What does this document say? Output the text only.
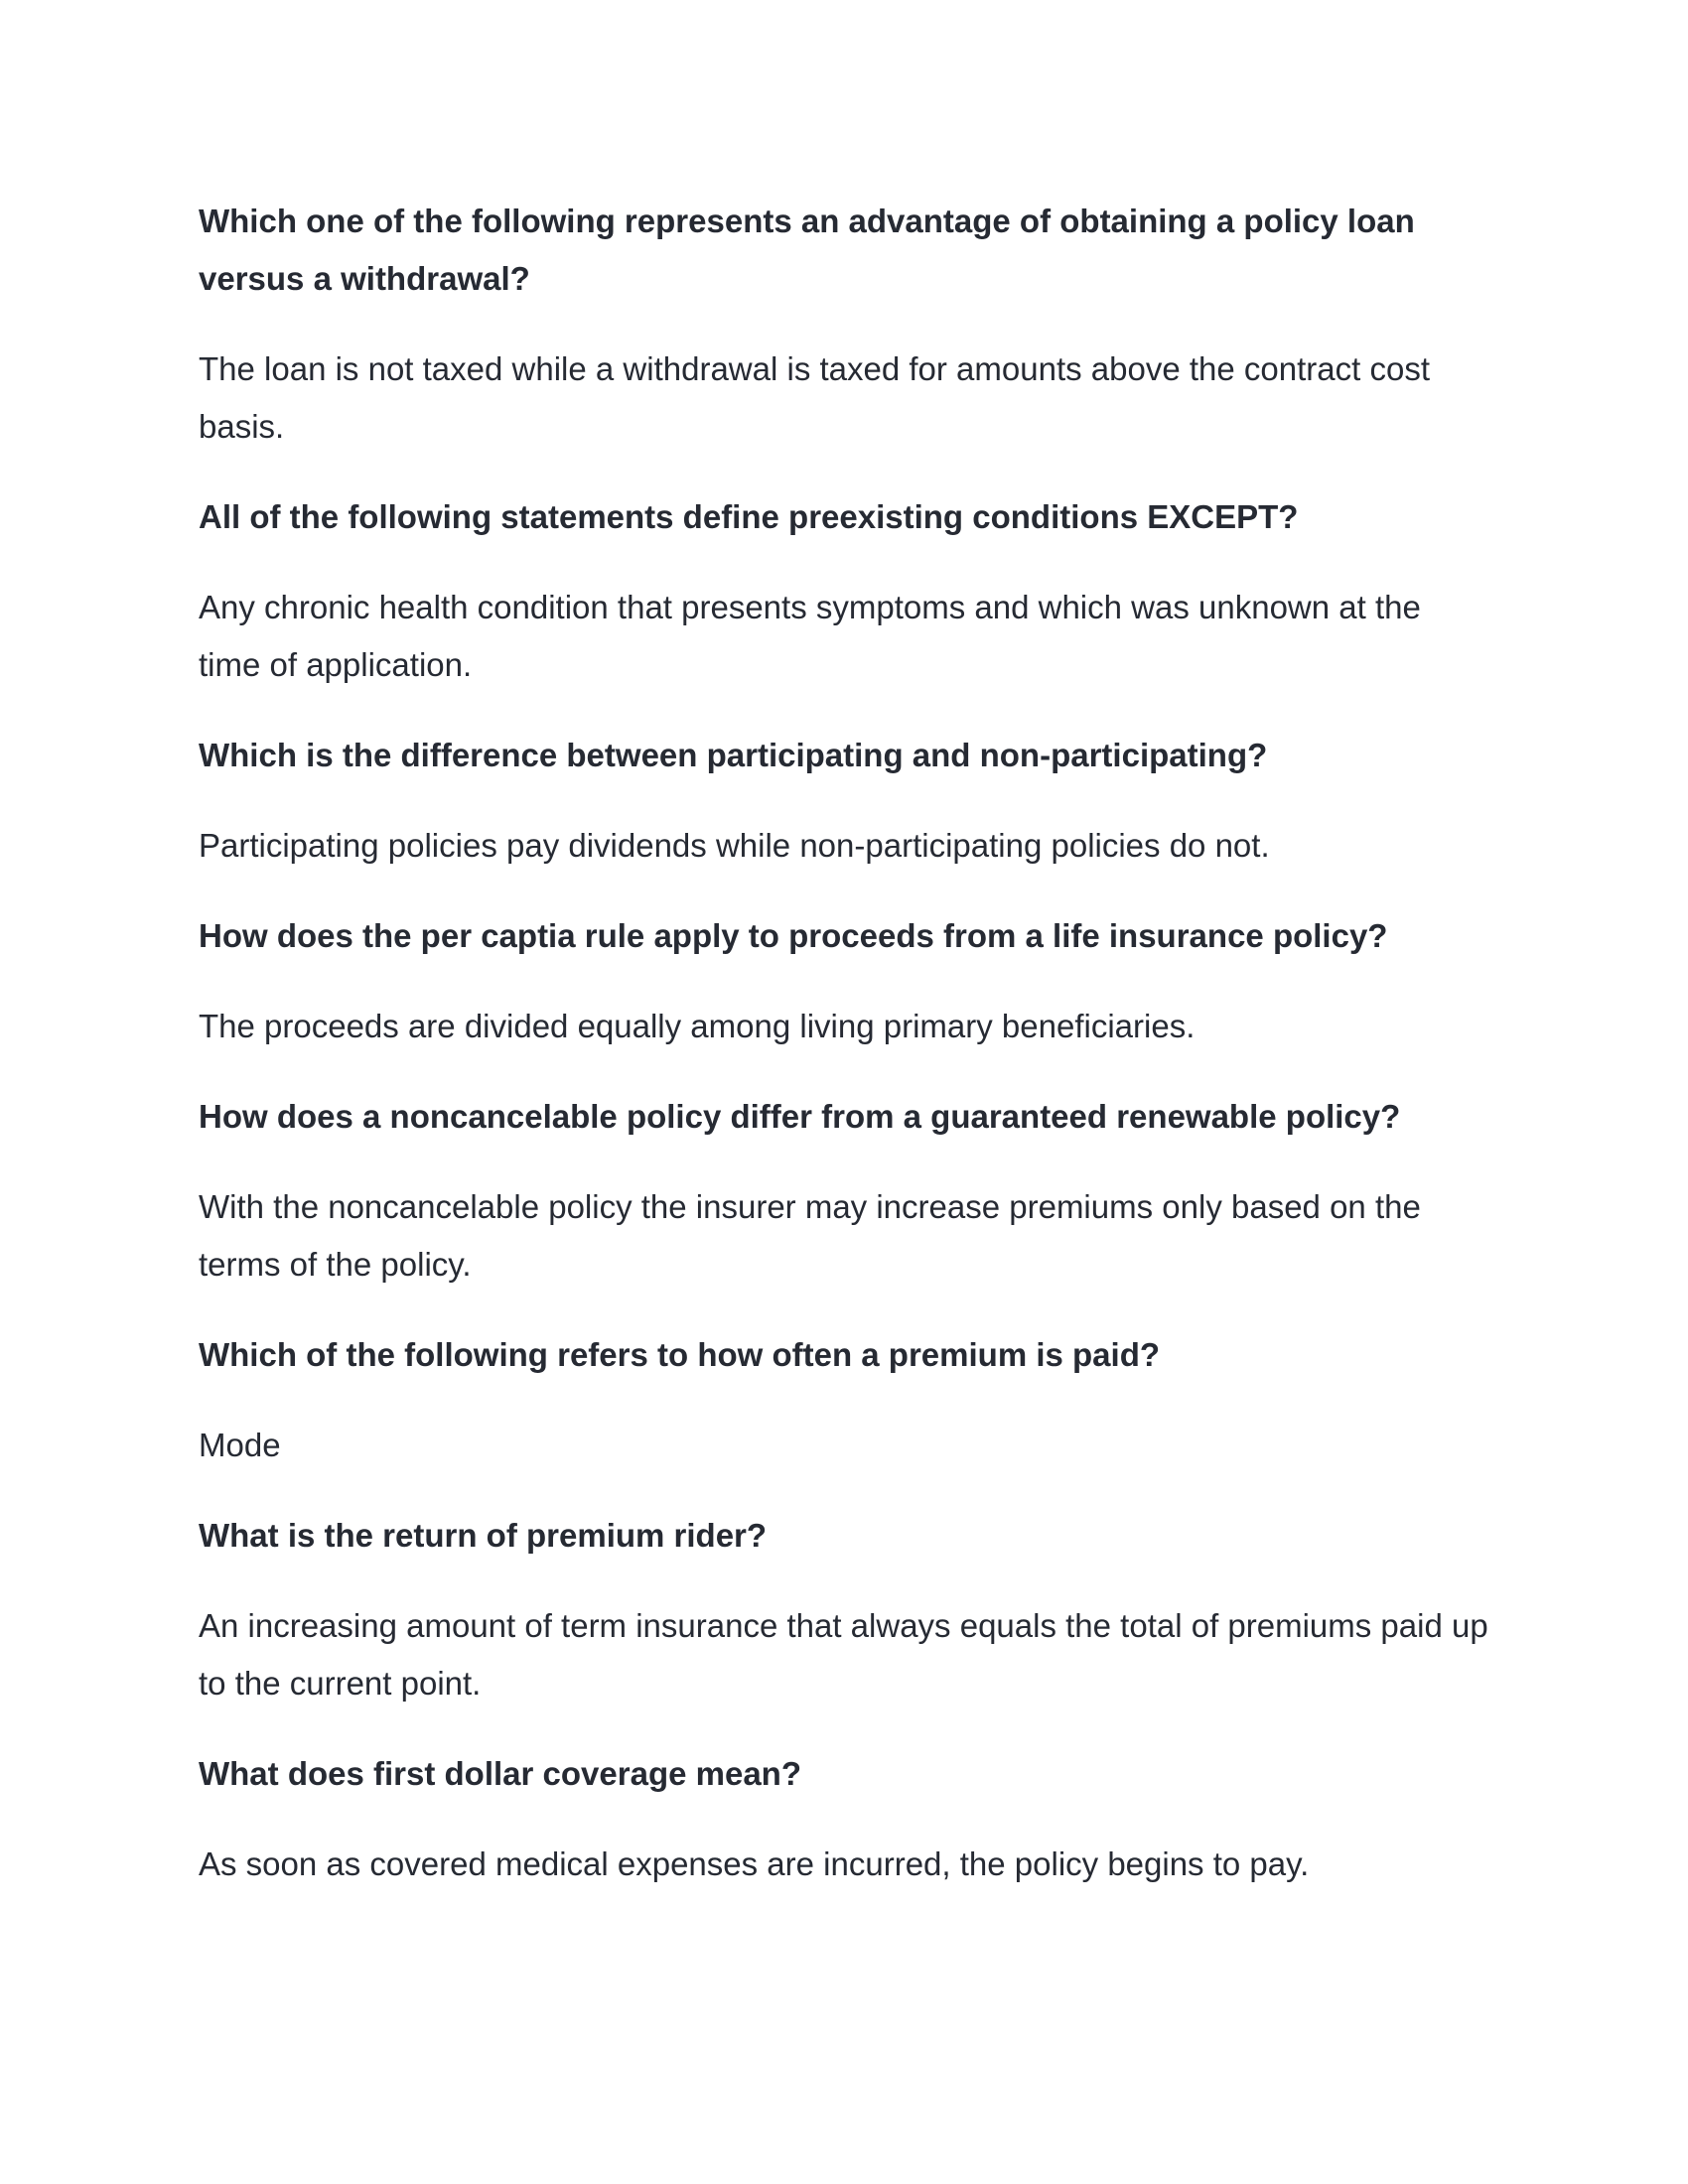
Which one of the following represents an advantage of obtaining a policy loan versus a withdrawal?

The loan is not taxed while a withdrawal is taxed for amounts above the contract cost basis.

All of the following statements define preexisting conditions EXCEPT?

Any chronic health condition that presents symptoms and which was unknown at the time of application.

Which is the difference between participating and non-participating?

Participating policies pay dividends while non-participating policies do not.

How does the per captia rule apply to proceeds from a life insurance policy?

The proceeds are divided equally among living primary beneficiaries.

How does a noncancelable policy differ from a guaranteed renewable policy?

With the noncancelable policy the insurer may increase premiums only based on the terms of the policy.

Which of the following refers to how often a premium is paid?

Mode

What is the return of premium rider?

An increasing amount of term insurance that always equals the total of premiums paid up to the current point.

What does first dollar coverage mean?

As soon as covered medical expenses are incurred, the policy begins to pay.
